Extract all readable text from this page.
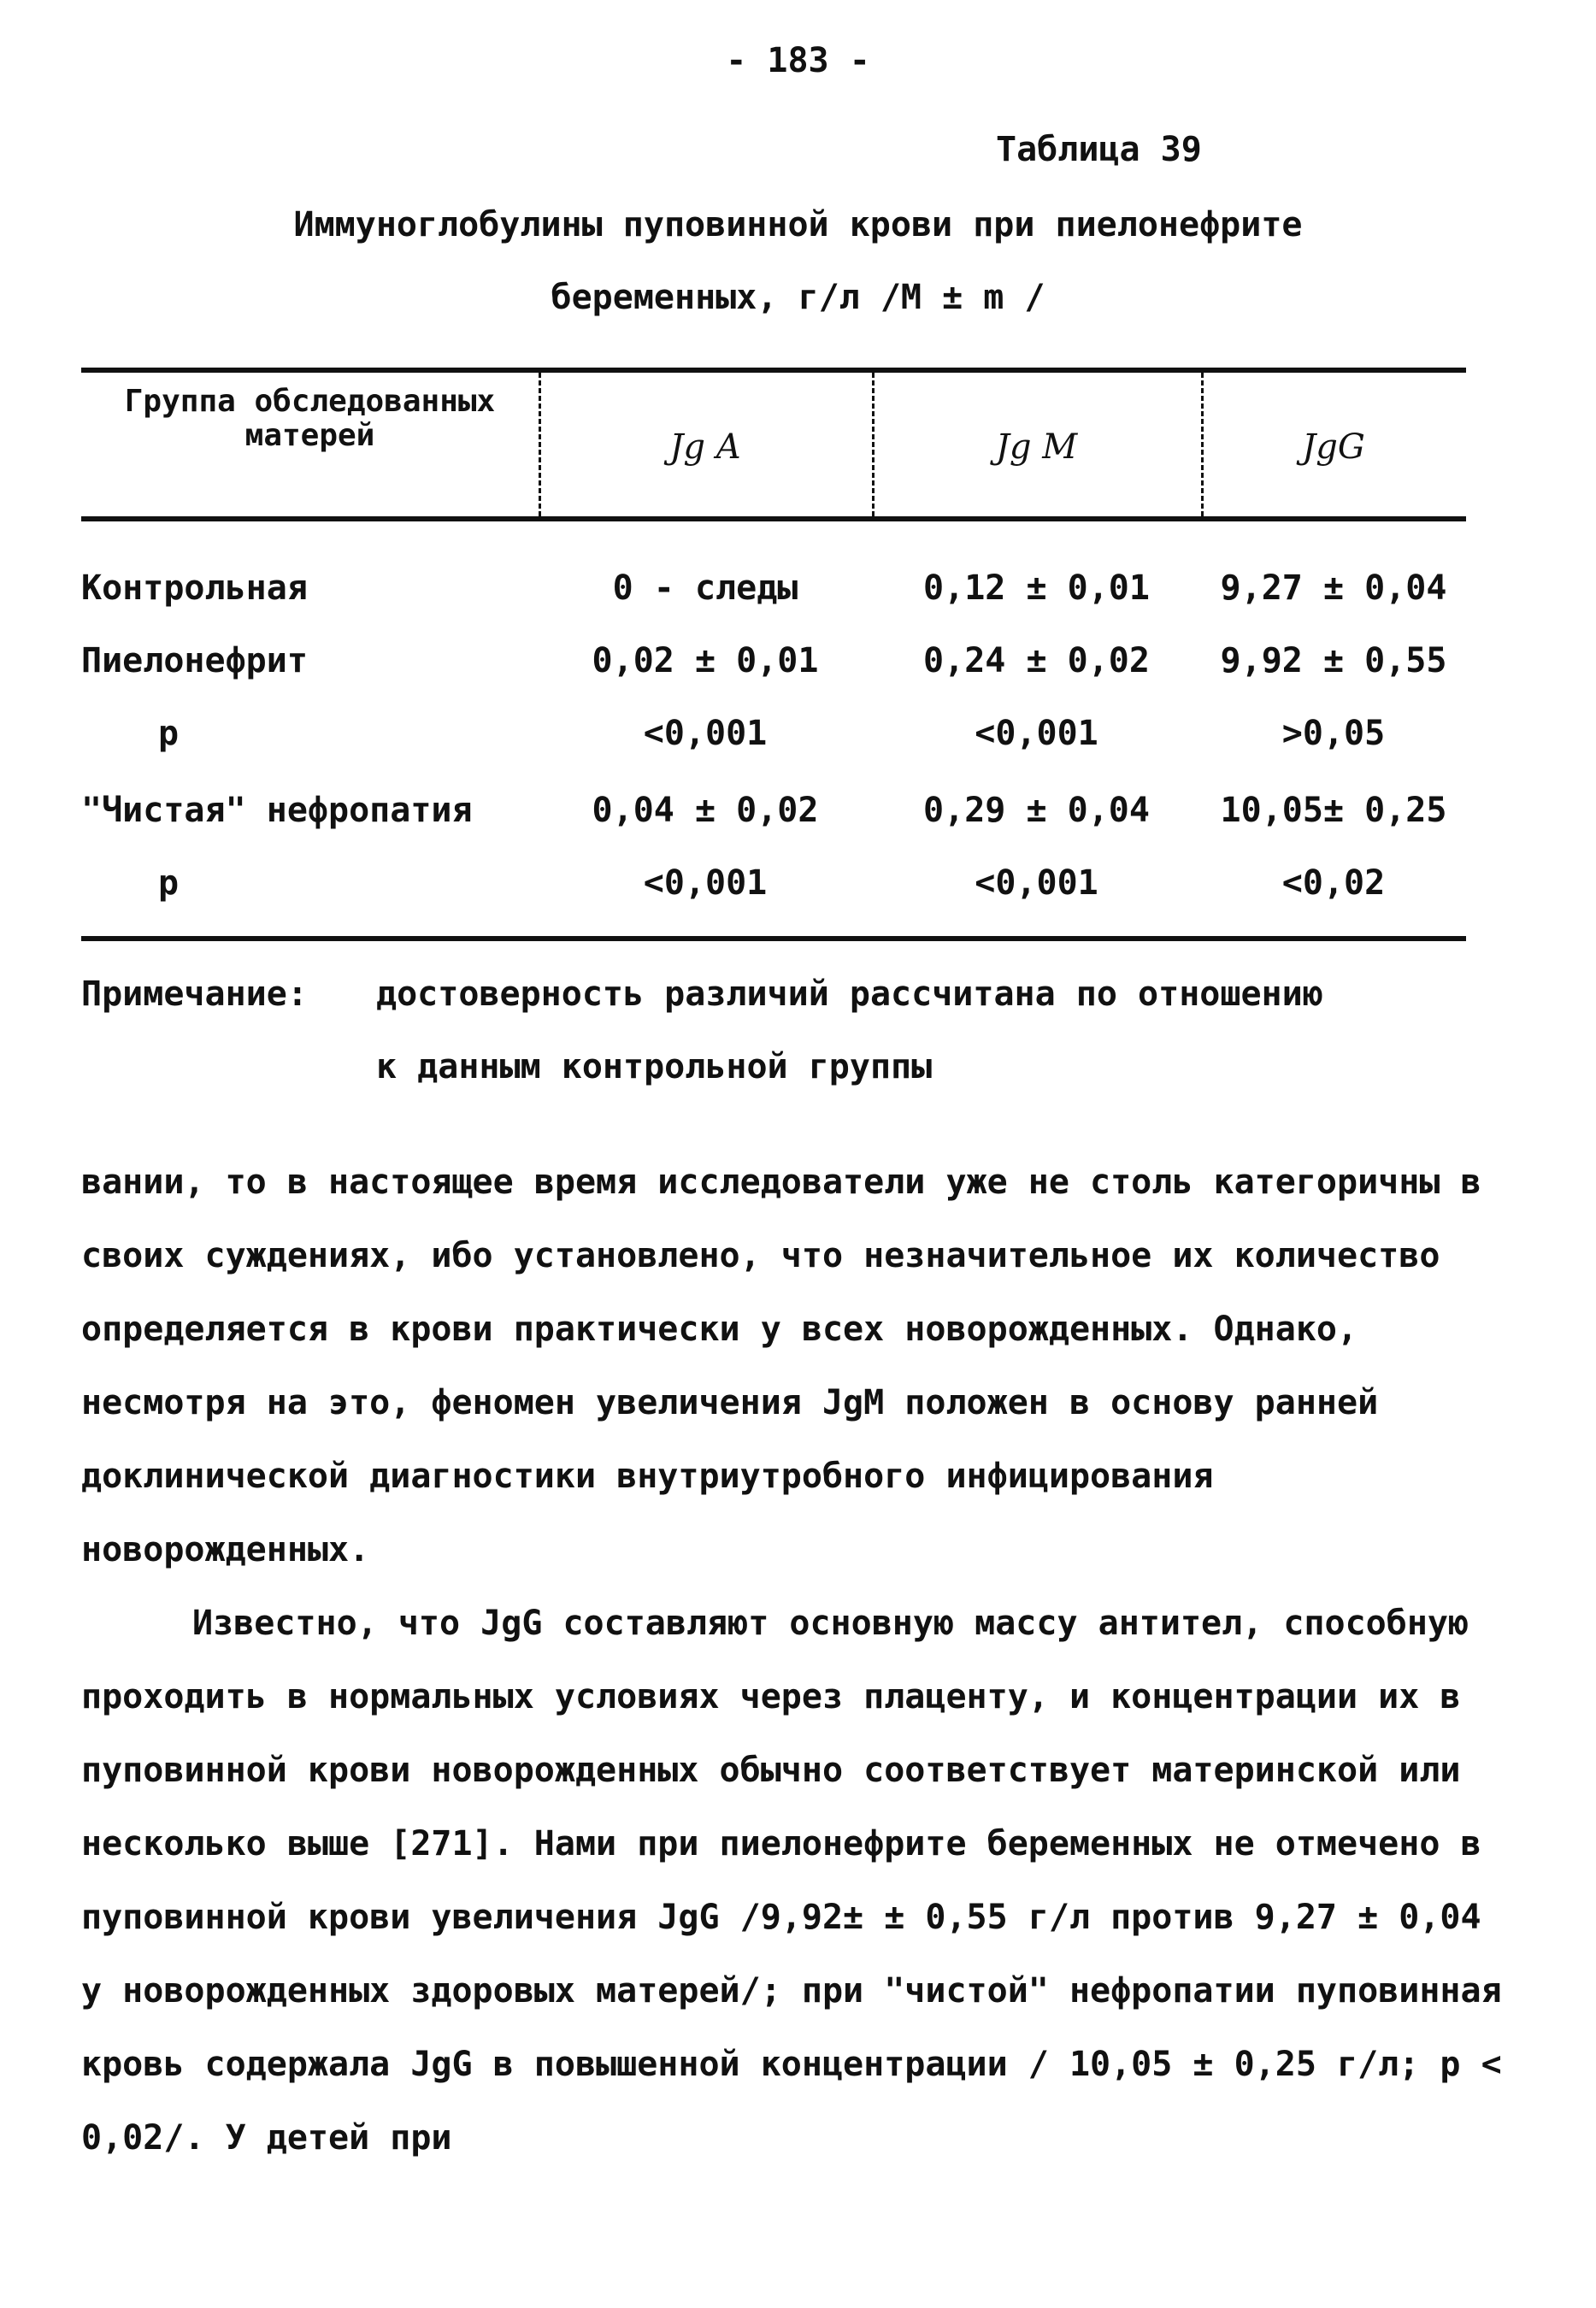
- 183 -
Таблица 39
Иммуноглобулины пуповинной крови при пиелонефрите
беременных, г/л /M ± m /
Группа обследованных матерей	Jg A	Jg M	JgG
Контрольная	0 - следы	0,12 ± 0,01	9,27 ± 0,04
Пиелонефрит	0,02 ± 0,01	0,24 ± 0,02	9,92 ± 0,55
p	<0,001	<0,001	>0,05
"Чистая" нефропатия	0,04 ± 0,02	0,29 ± 0,04	10,05± 0,25
p	<0,001	<0,001	<0,02
Примечание: достоверность различий рассчитана по отношению
к данным контрольной группы

вании, то в настоящее время исследователи уже не столь категоричны в своих суждениях, ибо установлено, что незначительное их количество определяется в крови практически у всех новорожденных. Однако, несмотря на это, феномен увеличения JgM положен в основу ранней доклинической диагностики внутриутробного инфицирования новорожденных.

Известно, что JgG составляют основную массу антител, способную проходить в нормальных условиях через плаценту, и концентрации их в пуповинной крови новорожденных обычно соответствует материнской или несколько выше [271]. Нами при пиелонефрите беременных не отмечено в пуповинной крови увеличения JgG /9,92± ± 0,55 г/л против 9,27 ± 0,04 у новорожденных здоровых матерей/; при "чистой" нефропатии пуповинная кровь содержала JgG в повышенной концентрации / 10,05 ± 0,25 г/л; p < 0,02/. У детей при
